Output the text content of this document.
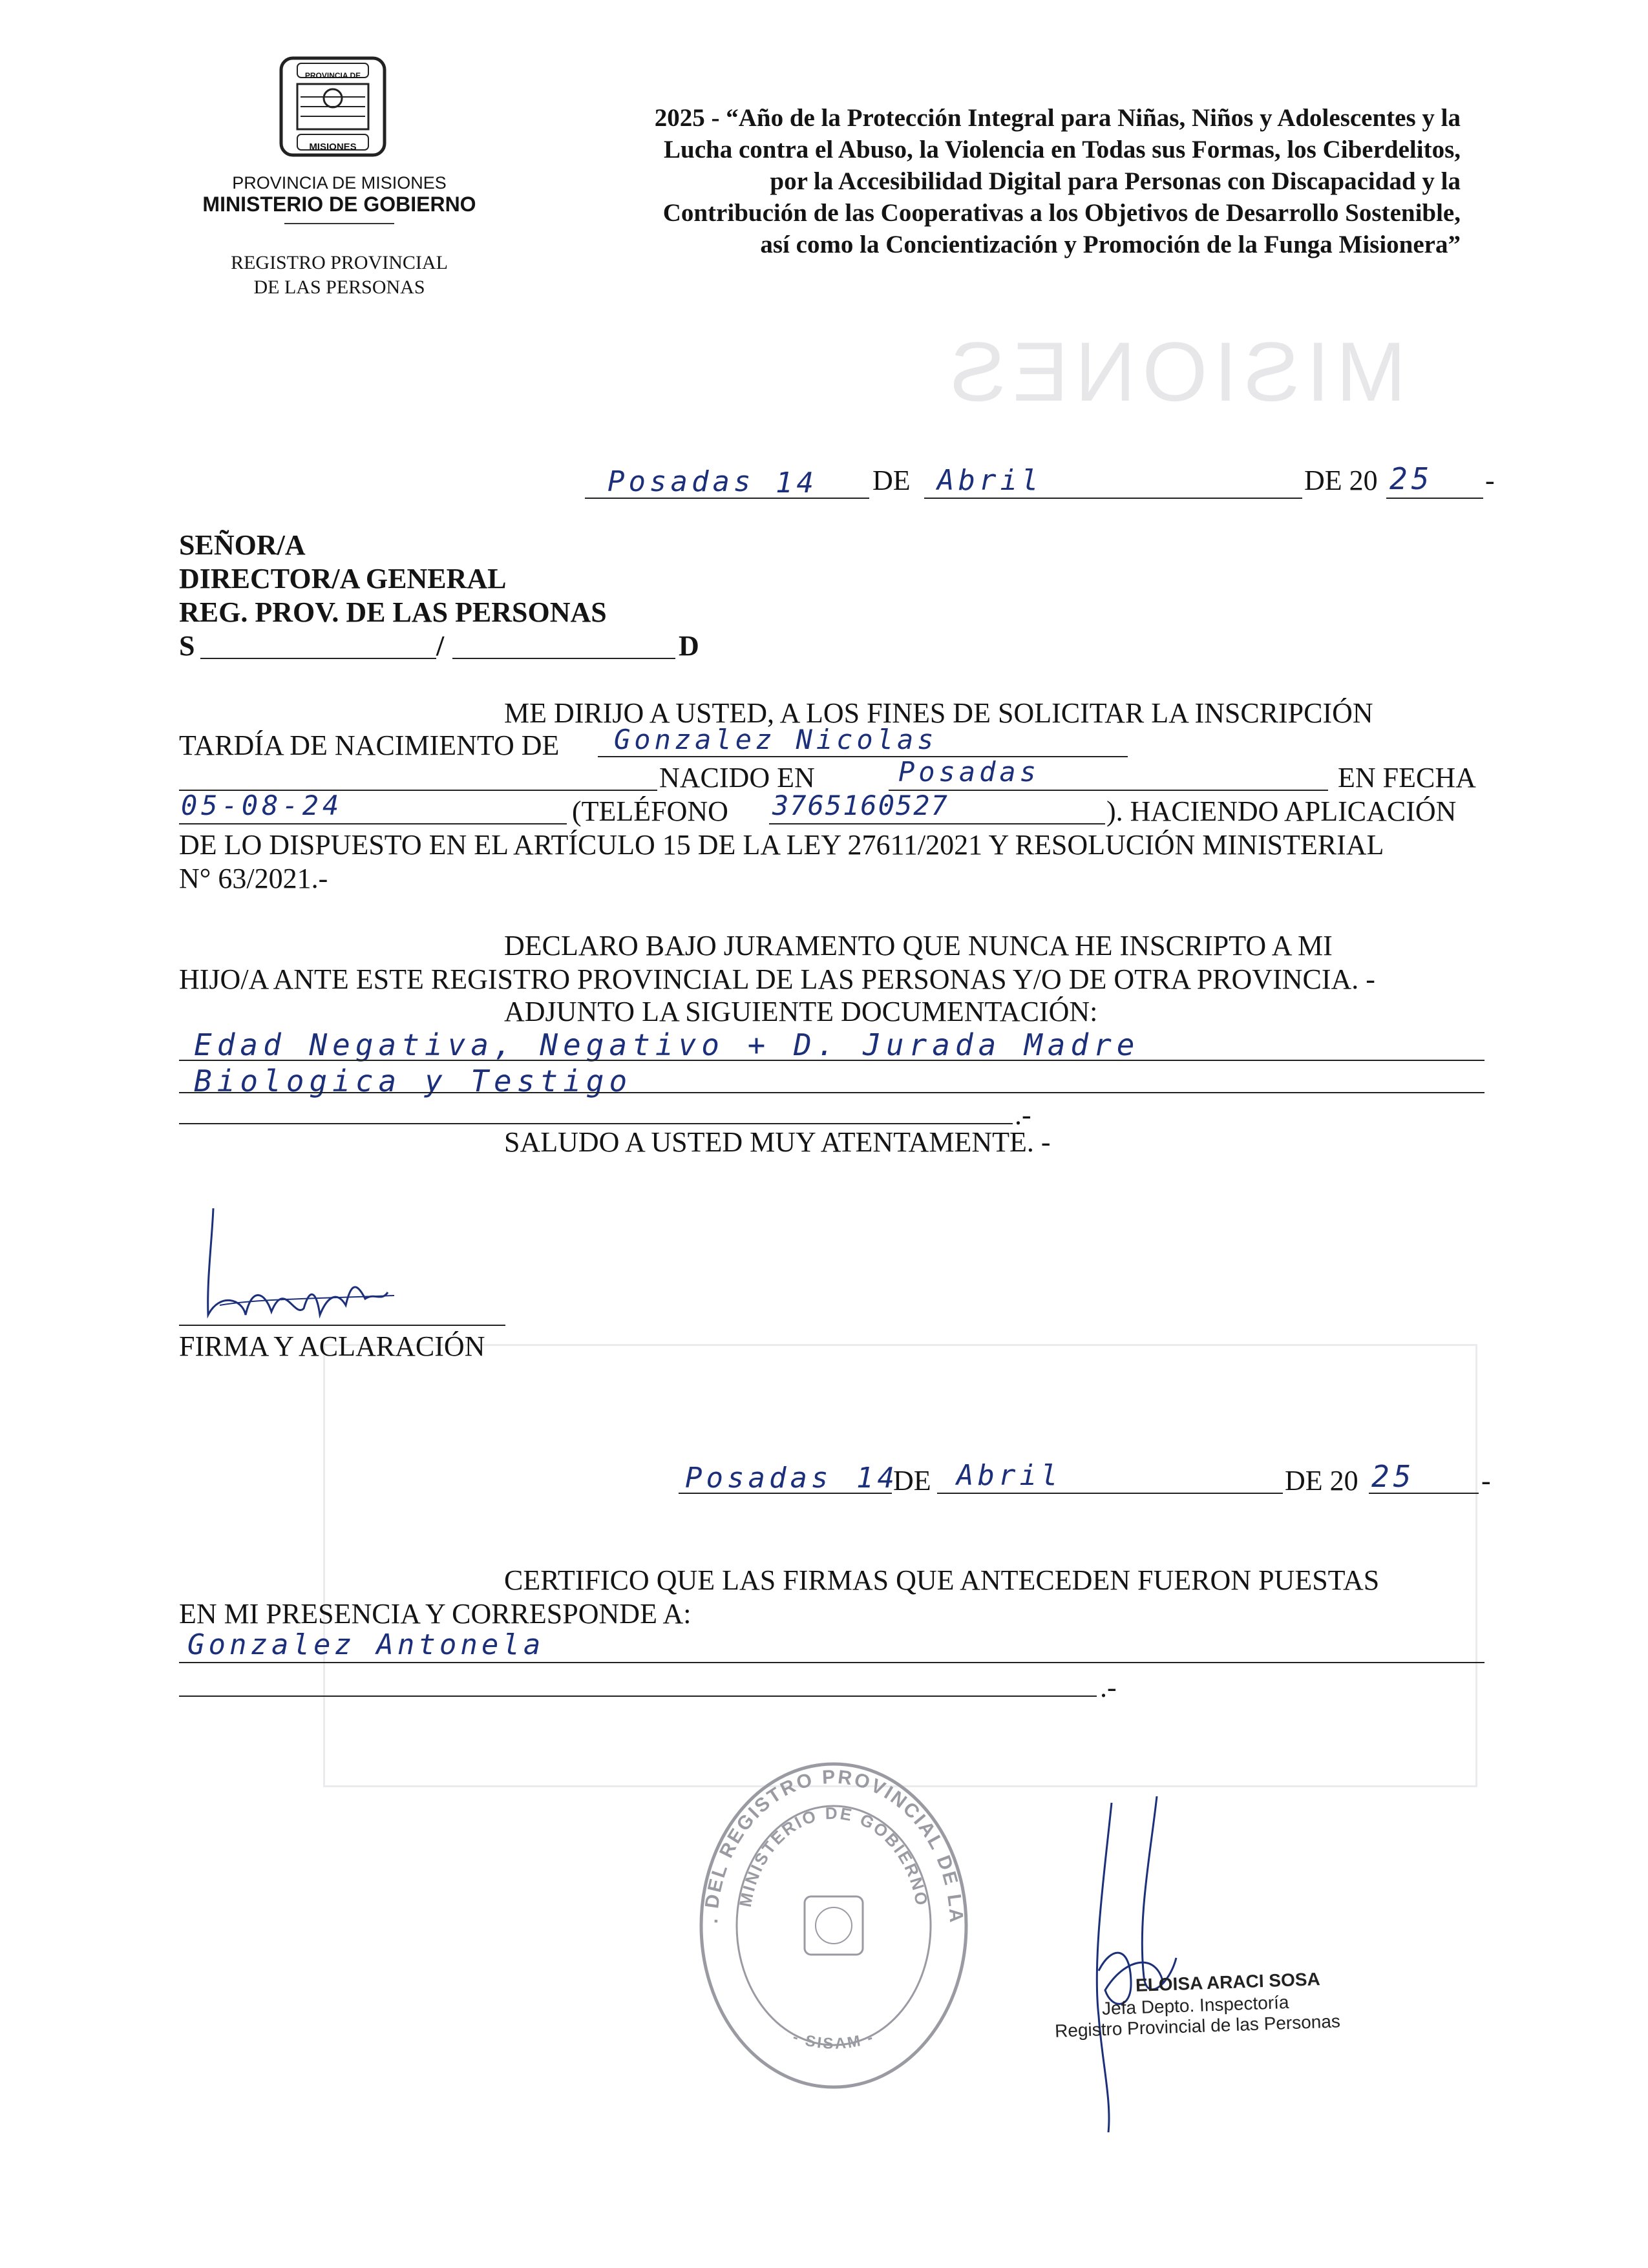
MISIONES
PROVINCIA DE
MISIONES
PROVINCIA DE MISIONES
MINISTERIO DE GOBIERNO
REGISTRO PROVINCIAL
DE LAS PERSONAS
2025 - “Año de la Protección Integral para Niñas, Niños y Adolescentes y la Lucha contra el Abuso, la Violencia en Todas sus Formas, los Ciberdelitos, por la Accesibilidad Digital para Personas con Discapacidad y la Contribución de las Cooperativas a los Objetivos de Desarrollo Sostenible, así como la Concientización y Promoción de la Funga Misionera”
Posadas 14 DE Abril	DE 20 25 -
SEÑOR/A
DIRECTOR/A GENERAL
REG. PROV. DE LAS PERSONAS
S	/	D
ME DIRIJO A USTED, A LOS FINES DE SOLICITAR LA INSCRIPCIÓN
TARDÍA DE NACIMIENTO DE Gonzalez Nicolas
NACIDO EN	Posadas	EN FECHA
05-08-24	(TELÉFONO 3765160527	). HACIENDO APLICACIÓN
DE LO DISPUESTO EN EL ARTÍCULO 15 DE LA LEY 27611/2021 Y RESOLUCIÓN MINISTERIAL
N° 63/2021.-
DECLARO BAJO JURAMENTO QUE NUNCA HE INSCRIPTO A MI
HIJO/A ANTE ESTE REGISTRO PROVINCIAL DE LAS PERSONAS Y/O DE OTRA PROVINCIA. -
ADJUNTO LA SIGUIENTE DOCUMENTACIÓN:
Edad Negativa, Negativo + D. Jurada Madre
Biologica y Testigo
.-
SALUDO A USTED MUY ATENTAMENTE. -
FIRMA Y ACLARACIÓN
Posadas 14
DE Abril	DE 20 25 -
CERTIFICO QUE LAS FIRMAS QUE ANTECEDEN FUERON PUESTAS
EN MI PRESENCIA Y CORRESPONDE A:
Gonzalez Antonela
.-
. DEL REGISTRO PROVINCIAL DE LA
MINISTERIO DE GOBIERNO
- SISAM -
ELOISA ARACI SOSA
Jefa Depto. Inspectoría
Registro Provincial de las Personas
